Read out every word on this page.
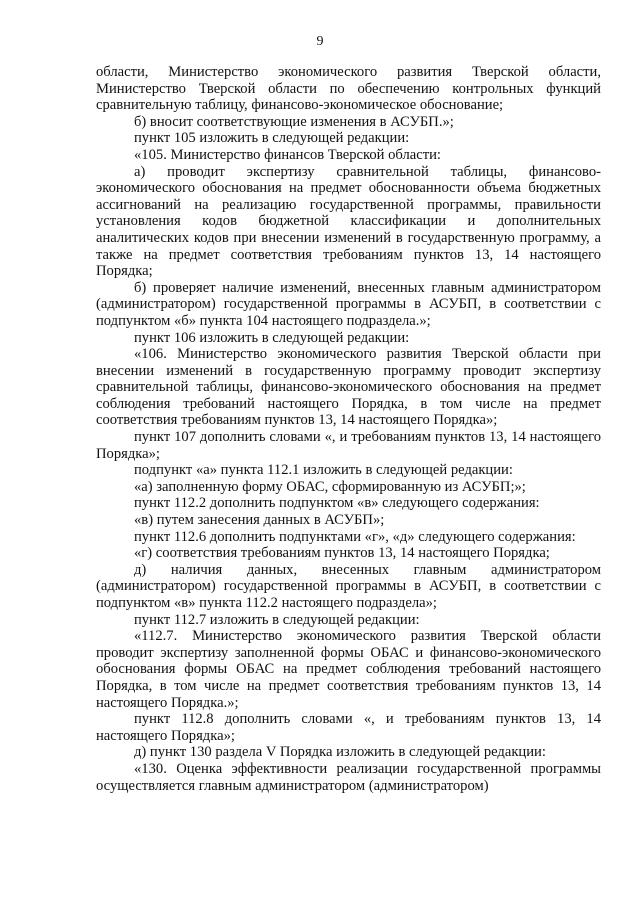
9

области, Министерство экономического развития Тверской области, Министерство Тверской области по обеспечению контрольных функций сравнительную таблицу, финансово-экономическое обоснование;

б) вносит соответствующие изменения в АСУБП.»;

пункт 105 изложить в следующей редакции:

«105. Министерство финансов Тверской области:

а) проводит экспертизу сравнительной таблицы, финансово-экономического обоснования на предмет обоснованности объема бюджетных ассигнований на реализацию государственной программы, правильности установления кодов бюджетной классификации и дополнительных аналитических кодов при внесении изменений в государственную программу, а также на предмет соответствия требованиям пунктов 13, 14 настоящего Порядка;

б) проверяет наличие изменений, внесенных главным администратором (администратором) государственной программы в АСУБП, в соответствии с подпунктом «б» пункта 104 настоящего подраздела.»;

пункт 106 изложить в следующей редакции:

«106. Министерство экономического развития Тверской области при внесении изменений в государственную программу проводит экспертизу сравнительной таблицы, финансово-экономического обоснования на предмет соблюдения требований настоящего Порядка, в том числе на предмет соответствия требованиям пунктов 13, 14 настоящего Порядка»;

пункт 107 дополнить словами «, и требованиям пунктов 13, 14 настоящего Порядка»;

подпункт «а» пункта 112.1 изложить в следующей редакции:

«а) заполненную форму ОБАС, сформированную из АСУБП;»;

пункт 112.2 дополнить подпунктом «в» следующего содержания:

«в) путем занесения данных в АСУБП»;

пункт 112.6 дополнить подпунктами «г», «д» следующего содержания:

«г) соответствия требованиям пунктов 13, 14 настоящего Порядка;

д) наличия данных, внесенных главным администратором (администратором) государственной программы в АСУБП, в соответствии с подпунктом «в» пункта 112.2 настоящего подраздела»;

пункт 112.7 изложить в следующей редакции:

«112.7. Министерство экономического развития Тверской области проводит экспертизу заполненной формы ОБАС и финансово-экономического обоснования формы ОБАС на предмет соблюдения требований настоящего Порядка, в том числе на предмет соответствия требованиям пунктов 13, 14 настоящего Порядка.»;

пункт 112.8 дополнить словами «, и требованиям пунктов 13, 14 настоящего Порядка»;

д) пункт 130 раздела V Порядка изложить в следующей редакции:

«130. Оценка эффективности реализации государственной программы осуществляется главным администратором (администратором)
